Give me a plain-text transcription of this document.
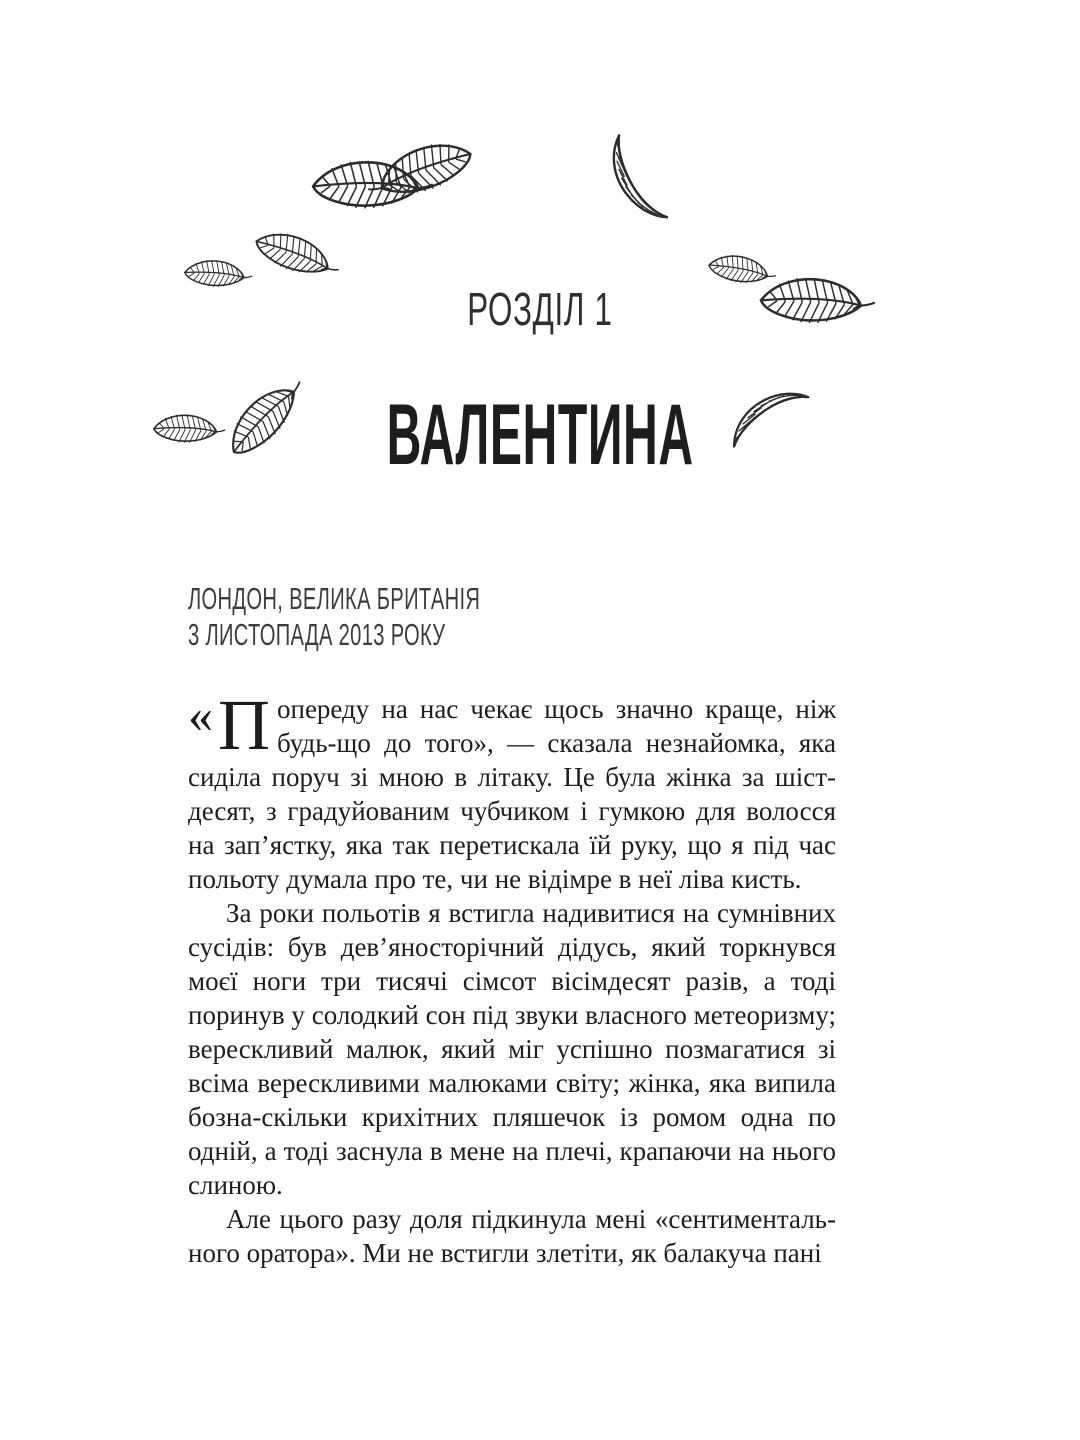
РОЗДІЛ 1
ВАЛЕНТИНА
ЛОНДОН, ВЕЛИКА БРИТАНІЯ
3 ЛИСТОПАДА 2013 РОКУ

« П опереду на нас чекає щось значно краще, ніж будь-що до того», — сказала незнайомка, яка сиділа поруч зі мною в літаку. Це була жінка за шістдесят, з градуйованим чубчиком і гумкою для волосся на зап’ястку, яка так перетискала їй руку, що я під час польоту думала про те, чи не відімре в неї ліва кисть.

За роки польотів я встигла надивитися на сумнівних сусідів: був дев’яносторічний дідусь, який торкнувся моєї ноги три тисячі сімсот вісімдесят разів, а тоді поринув у солодкий сон під звуки власного метеоризму; верескливий малюк, який міг успішно позмагатися зі всіма верескливими малюками світу; жінка, яка випила бозна-скільки крихітних пляшечок із ромом одна по одній, а тоді заснула в мене на плечі, крапаючи на нього слиною.

Але цього разу доля підкинула мені «сентиментального оратора». Ми не встигли злетіти, як балакуча пані
